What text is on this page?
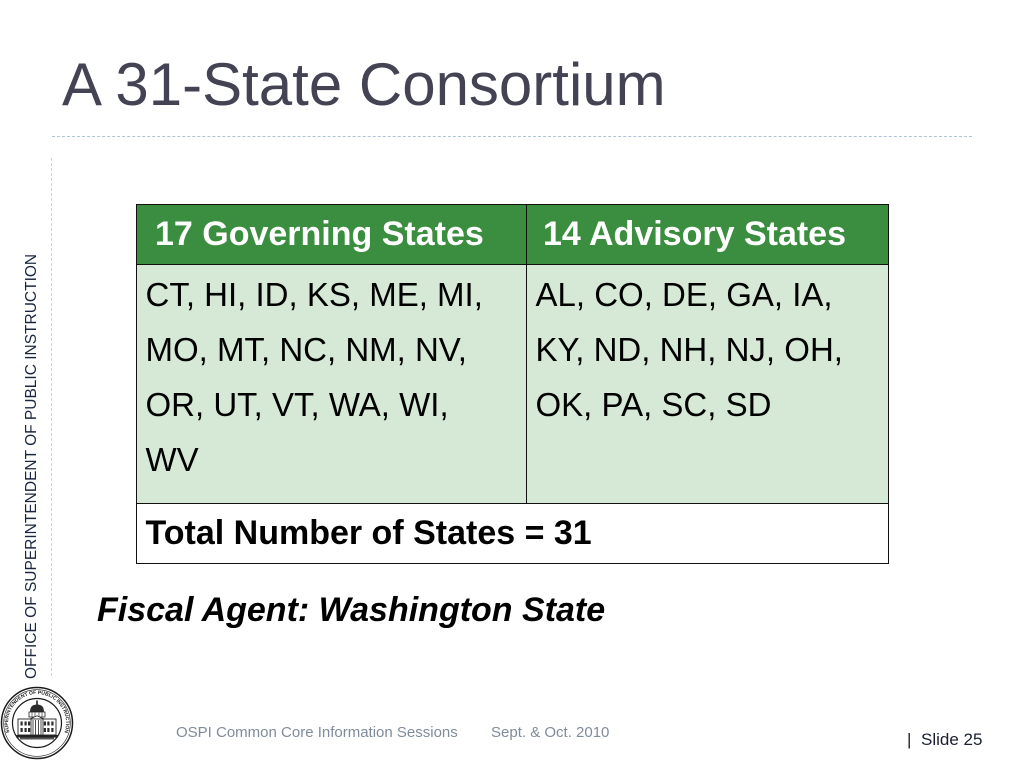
A 31-State Consortium
OFFICE OF SUPERINTENDENT OF PUBLIC INSTRUCTION
SUPERINTENDENT OF PUBLIC INSTRUCTION
17 Governing States	14 Advisory States
CT, HI, ID, KS, ME, MI,
MO, MT, NC, NM, NV,
OR, UT, VT, WA, WI,
WV
AL, CO, DE, GA, IA,
KY, ND, NH, NJ, OH,
OK, PA, SC, SD
Total Number of States = 31
Fiscal Agent: Washington State
OSPI Common Core Information Sessions Sept. & Oct. 2010	| Slide 25
